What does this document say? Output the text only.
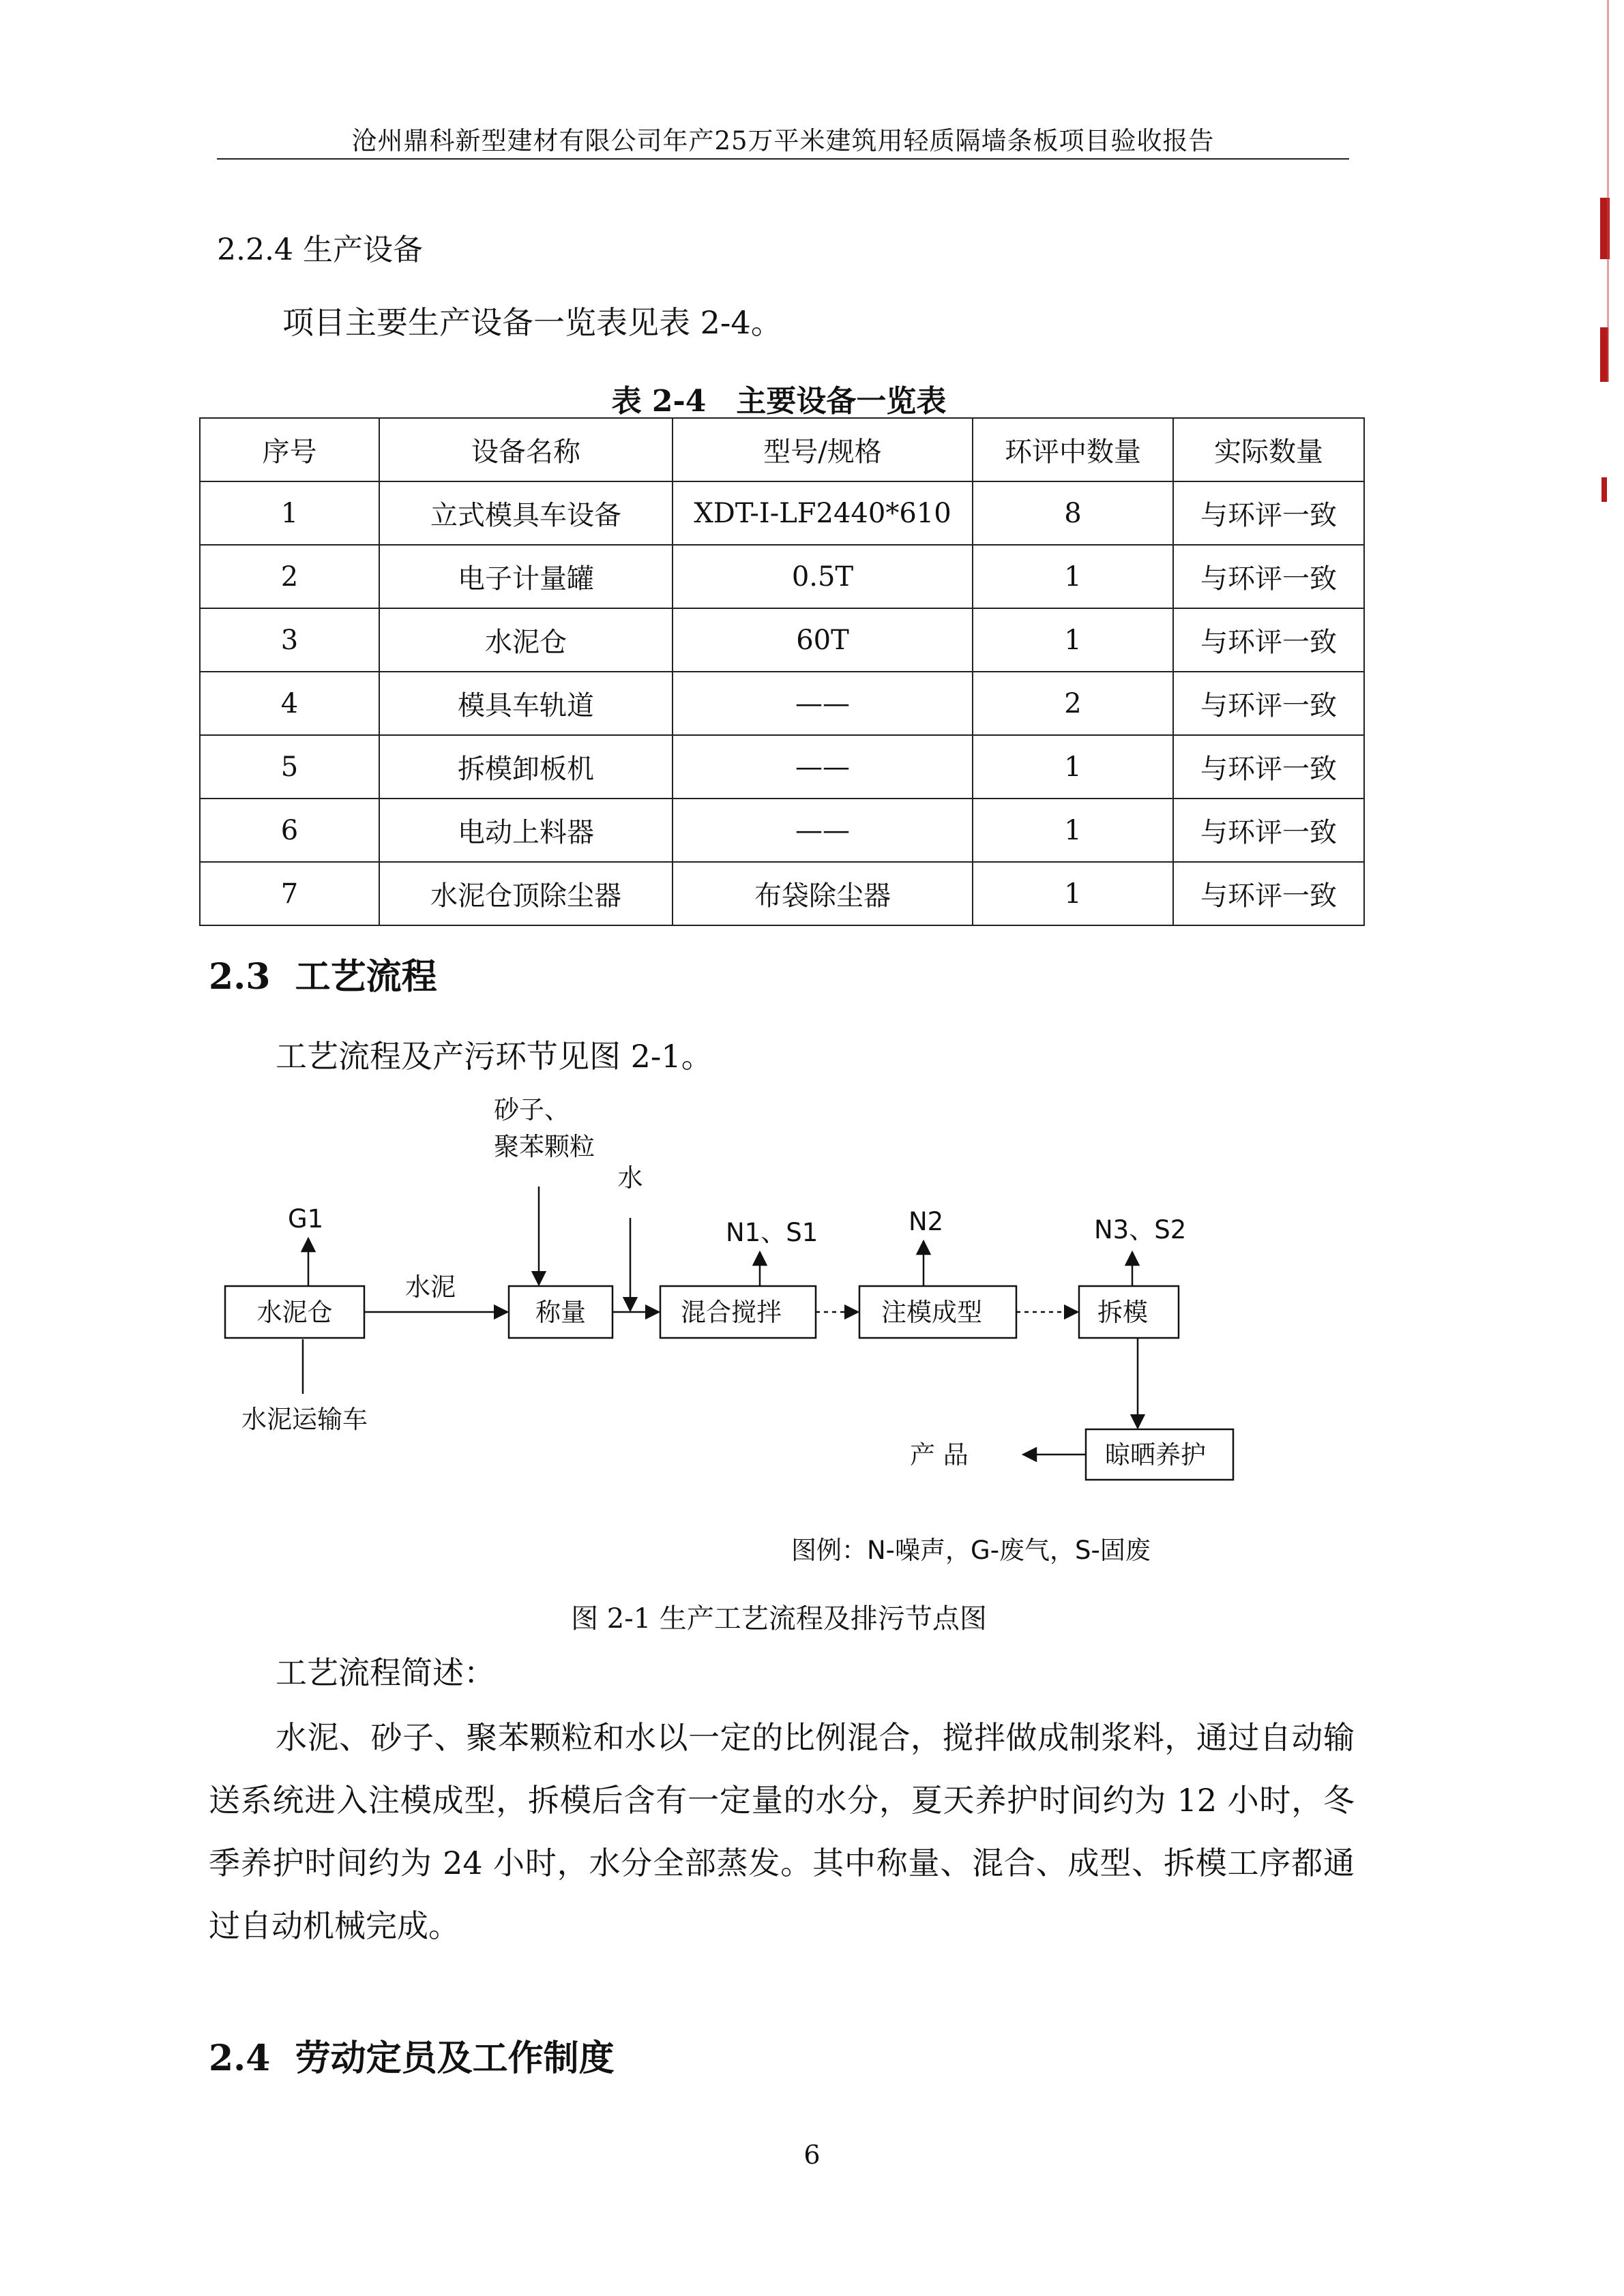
沧州鼎科新型建材有限公司年产25万平米建筑用轻质隔墙条板项目验收报告
2.2.4 生产设备
项目主要生产设备一览表见表 2-4。
表 2-4　主要设备一览表
序号	设备名称	型号/规格	环评中数量	实际数量
1	立式模具车设备	XDT-I-LF2440*610	8	与环评一致
2	电子计量罐	0.5T	1	与环评一致
3	水泥仓	60T	1	与环评一致
4	模具车轨道	——	2	与环评一致
5	拆模卸板机	——	1	与环评一致
6	电动上料器	——	1	与环评一致
7	水泥仓顶除尘器	布袋除尘器	1	与环评一致
2.3 工艺流程
工艺流程及产污环节见图 2-1。
砂子、
聚苯颗粒
水
G1	N1、S1	N2	N3、S2
水泥
水泥仓	称量	混合搅拌	注模成型	拆模
水泥运输车
晾晒养护
产 品
图例：N-噪声，G-废气，S-固废
图 2-1 生产工艺流程及排污节点图
工艺流程简述：
水泥、砂子、聚苯颗粒和水以一定的比例混合，搅拌做成制浆料，通过自动输送系统进入注模成型，拆模后含有一定量的水分，夏天养护时间约为 12 小时，冬季养护时间约为 24 小时，水分全部蒸发。其中称量、混合、成型、拆模工序都通过自动机械完成。
2.4 劳动定员及工作制度
6
